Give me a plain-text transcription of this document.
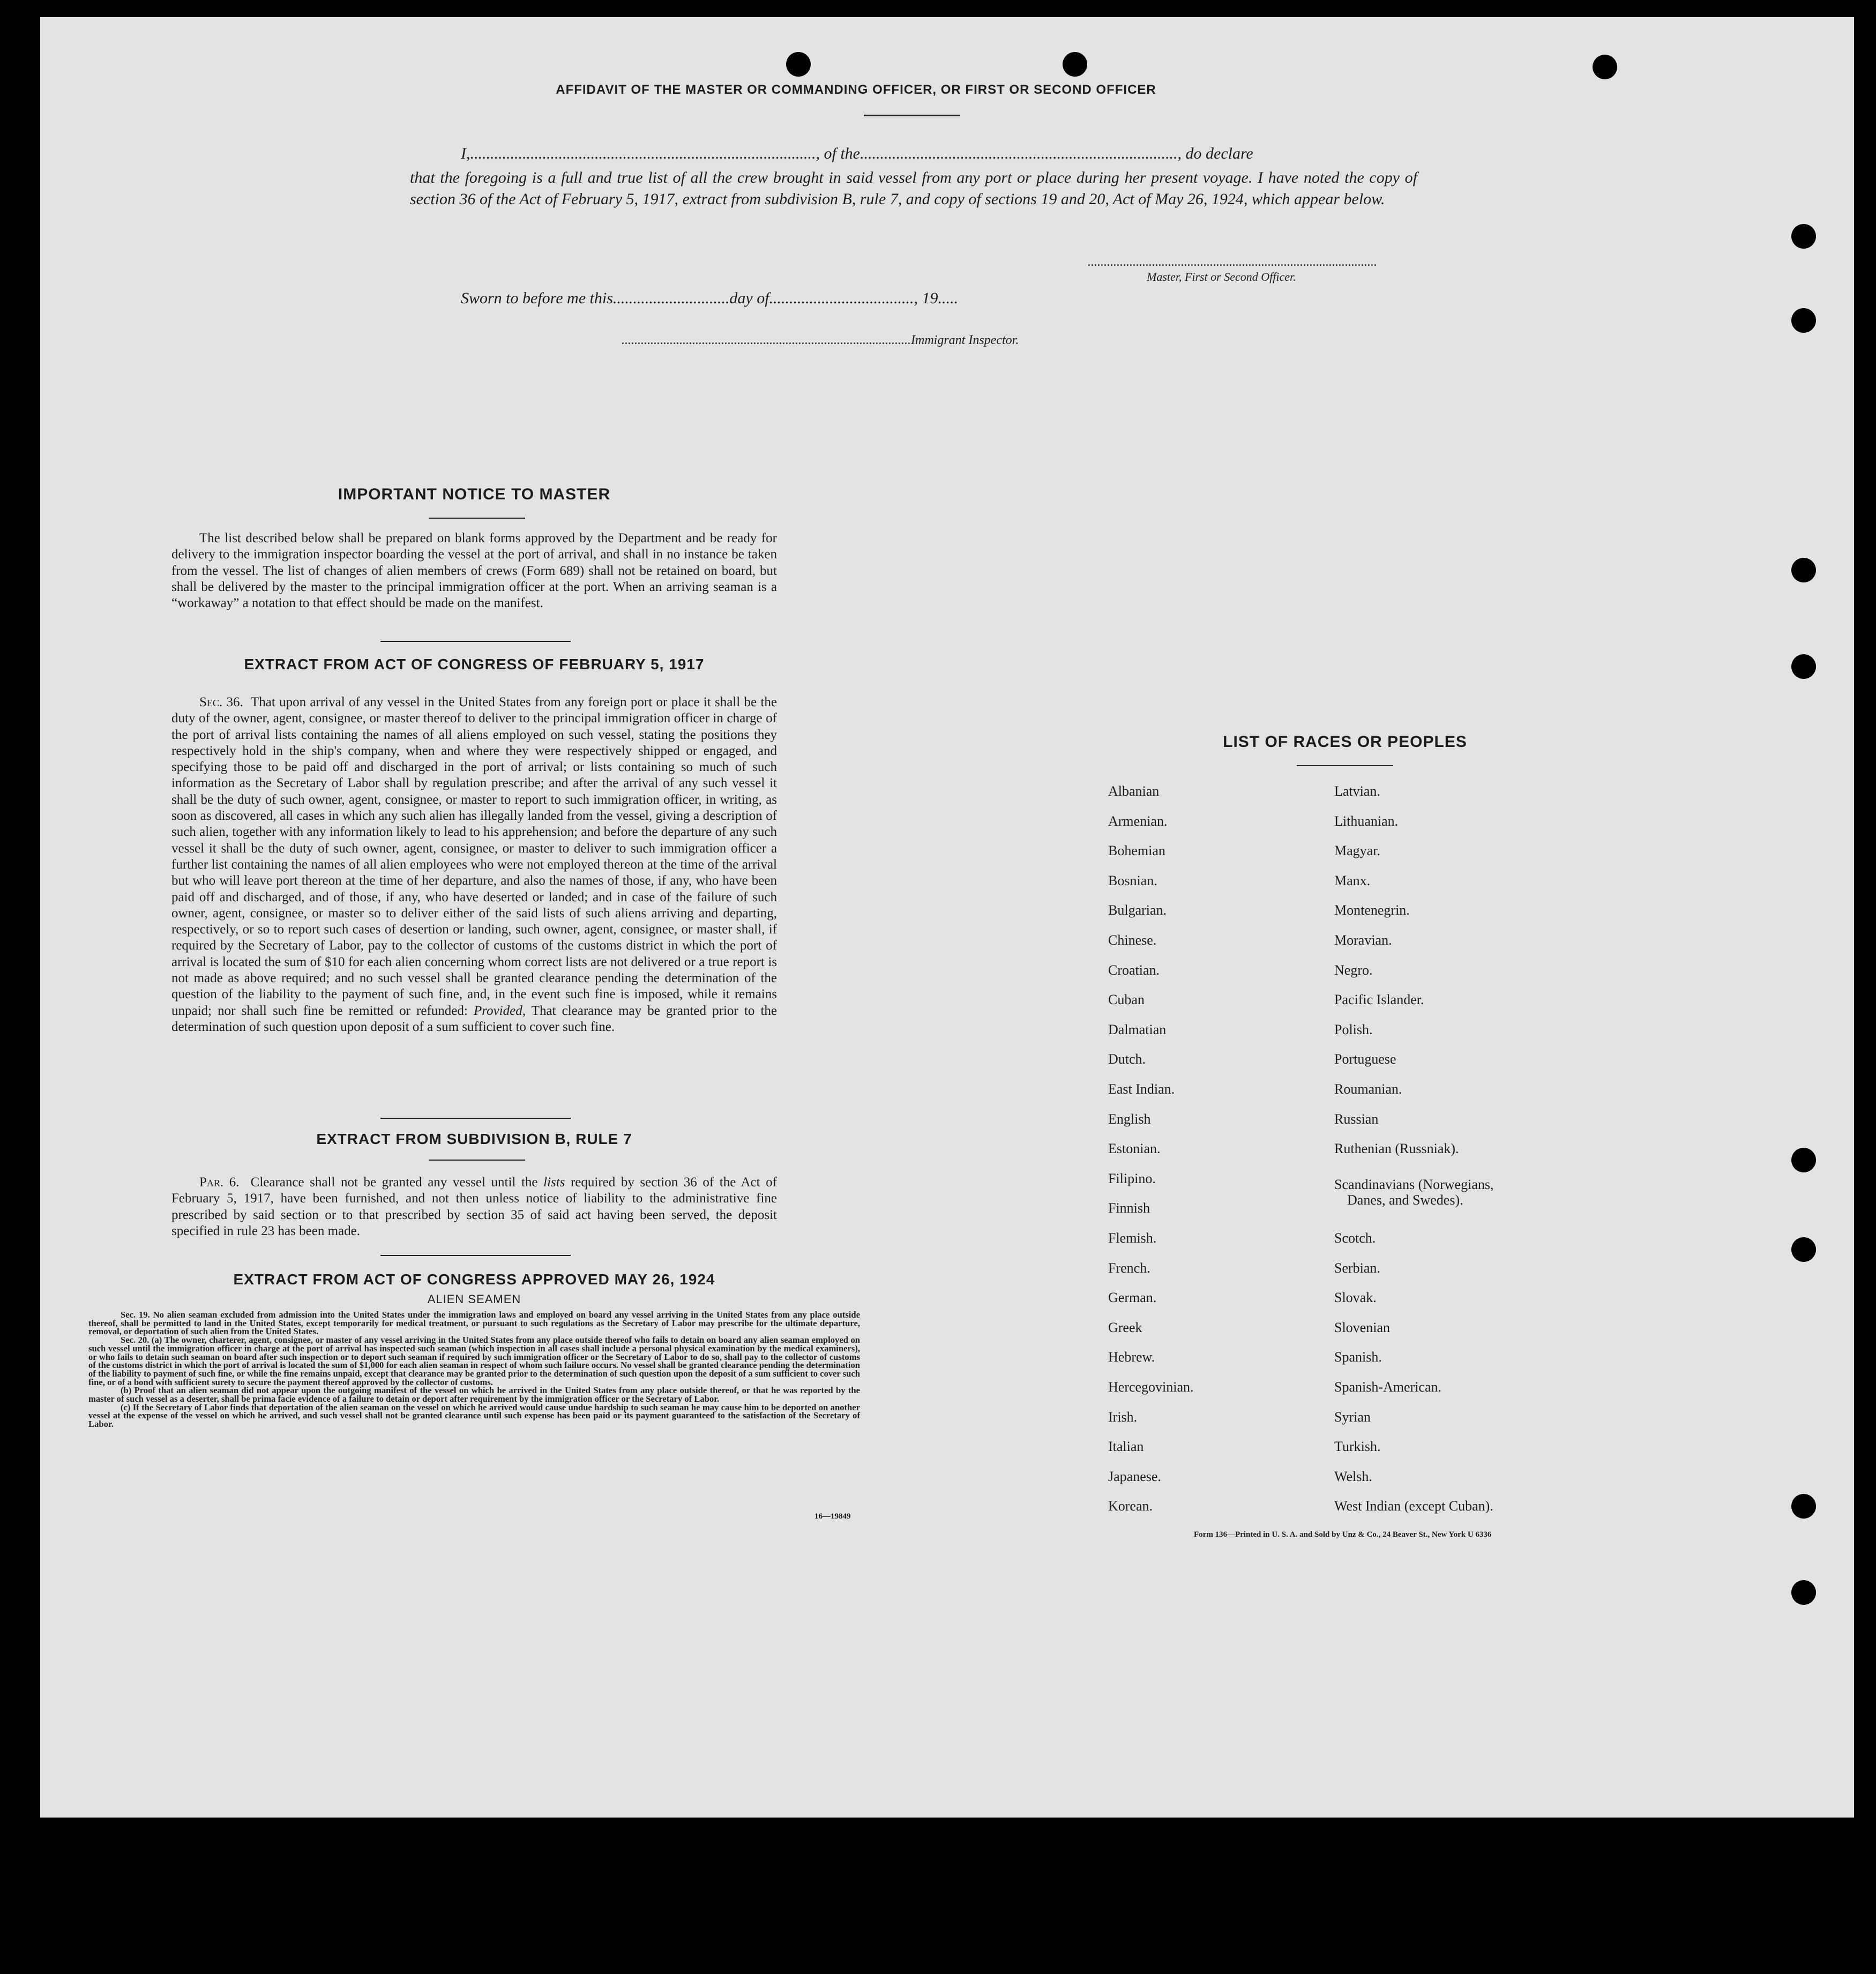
AFFIDAVIT OF THE MASTER OR COMMANDING OFFICER, OR FIRST OR SECOND OFFICER
I,......................................................................................, of the..............................................................................., do declare
that the foregoing is a full and true list of all the crew brought in said vessel from any port or place during her present voyage. I have noted the copy of section 36 of the Act of February 5, 1917, extract from subdivision B, rule 7, and copy of sections 19 and 20, Act of May 26, 1924, which appear below.
..........................................................................................
Master, First or Second Officer.
Sworn to before me this.............................day of...................................., 19.....
..........................................................................................Immigrant Inspector.
IMPORTANT NOTICE TO MASTER
The list described below shall be prepared on blank forms approved by the Department and be ready for delivery to the immigration inspector boarding the vessel at the port of arrival, and shall in no instance be taken from the vessel. The list of changes of alien members of crews (Form 689) shall not be retained on board, but shall be delivered by the master to the principal immigration officer at the port. When an arriving seaman is a “workaway” a notation to that effect should be made on the manifest.
EXTRACT FROM ACT OF CONGRESS OF FEBRUARY 5, 1917
Sec. 36. That upon arrival of any vessel in the United States from any foreign port or place it shall be the duty of the owner, agent, consignee, or master thereof to deliver to the principal immigration officer in charge of the port of arrival lists containing the names of all aliens employed on such vessel, stating the positions they respectively hold in the ship's company, when and where they were respectively shipped or engaged, and specifying those to be paid off and discharged in the port of arrival; or lists containing so much of such information as the Secretary of Labor shall by regulation prescribe; and after the arrival of any such vessel it shall be the duty of such owner, agent, consignee, or master to report to such immigration officer, in writing, as soon as discovered, all cases in which any such alien has illegally landed from the vessel, giving a description of such alien, together with any information likely to lead to his apprehension; and before the departure of any such vessel it shall be the duty of such owner, agent, consignee, or master to deliver to such immigration officer a further list containing the names of all alien employees who were not employed thereon at the time of the arrival but who will leave port thereon at the time of her departure, and also the names of those, if any, who have been paid off and discharged, and of those, if any, who have deserted or landed; and in case of the failure of such owner, agent, consignee, or master so to deliver either of the said lists of such aliens arriving and departing, respectively, or so to report such cases of desertion or landing, such owner, agent, consignee, or master shall, if required by the Secretary of Labor, pay to the collector of customs of the customs district in which the port of arrival is located the sum of $10 for each alien concerning whom correct lists are not delivered or a true report is not made as above required; and no such vessel shall be granted clearance pending the determination of the question of the liability to the payment of such fine, and, in the event such fine is imposed, while it remains unpaid; nor shall such fine be remitted or refunded: Provided, That clearance may be granted prior to the determination of such question upon deposit of a sum sufficient to cover such fine.
EXTRACT FROM SUBDIVISION B, RULE 7
Par. 6. Clearance shall not be granted any vessel until the lists required by section 36 of the Act of February 5, 1917, have been furnished, and not then unless notice of liability to the administrative fine prescribed by said section or to that prescribed by section 35 of said act having been served, the deposit specified in rule 23 has been made.
EXTRACT FROM ACT OF CONGRESS APPROVED MAY 26, 1924
ALIEN SEAMEN
Sec. 19. No alien seaman excluded from admission into the United States under the immigration laws and employed on board any vessel arriving in the United States from any place outside thereof, shall be permitted to land in the United States, except temporarily for medical treatment, or pursuant to such regulations as the Secretary of Labor may prescribe for the ultimate departure, removal, or deportation of such alien from the United States.
Sec. 20. (a) The owner, charterer, agent, consignee, or master of any vessel arriving in the United States from any place outside thereof who fails to detain on board any alien seaman employed on such vessel until the immigration officer in charge at the port of arrival has inspected such seaman (which inspection in all cases shall include a personal physical examination by the medical examiners), or who fails to detain such seaman on board after such inspection or to deport such seaman if required by such immigration officer or the Secretary of Labor to do so, shall pay to the collector of customs of the customs district in which the port of arrival is located the sum of $1,000 for each alien seaman in respect of whom such failure occurs. No vessel shall be granted clearance pending the determination of the liability to payment of such fine, or while the fine remains unpaid, except that clearance may be granted prior to the determination of such question upon the deposit of a sum sufficient to cover such fine, or of a bond with sufficient surety to secure the payment thereof approved by the collector of customs.
(b) Proof that an alien seaman did not appear upon the outgoing manifest of the vessel on which he arrived in the United States from any place outside thereof, or that he was reported by the master of such vessel as a deserter, shall be prima facie evidence of a failure to detain or deport after requirement by the immigration officer or the Secretary of Labor.
(c) If the Secretary of Labor finds that deportation of the alien seaman on the vessel on which he arrived would cause undue hardship to such seaman he may cause him to be deported on another vessel at the expense of the vessel on which he arrived, and such vessel shall not be granted clearance until such expense has been paid or its payment guaranteed to the satisfaction of the Secretary of Labor.
16—19849
LIST OF RACES OR PEOPLES
Albanian
Armenian.
Bohemian
Bosnian.
Bulgarian.
Chinese.
Croatian.
Cuban
Dalmatian
Dutch.
East Indian.
English
Estonian.
Filipino.
Finnish
Flemish.
French.
German.
Greek
Hebrew.
Hercegovinian.
Irish.
Italian
Japanese.
Korean.
Latvian.
Lithuanian.
Magyar.
Manx.
Montenegrin.
Moravian.
Negro.
Pacific Islander.
Polish.
Portuguese
Roumanian.
Russian
Ruthenian (Russniak).
Scandinavians (Norwegians,
Danes, and Swedes).
Scotch.
Serbian.
Slovak.
Slovenian
Spanish.
Spanish-American.
Syrian
Turkish.
Welsh.
West Indian (except Cuban).
Form 136—Printed in U. S. A. and Sold by Unz & Co., 24 Beaver St., New York U 6336
